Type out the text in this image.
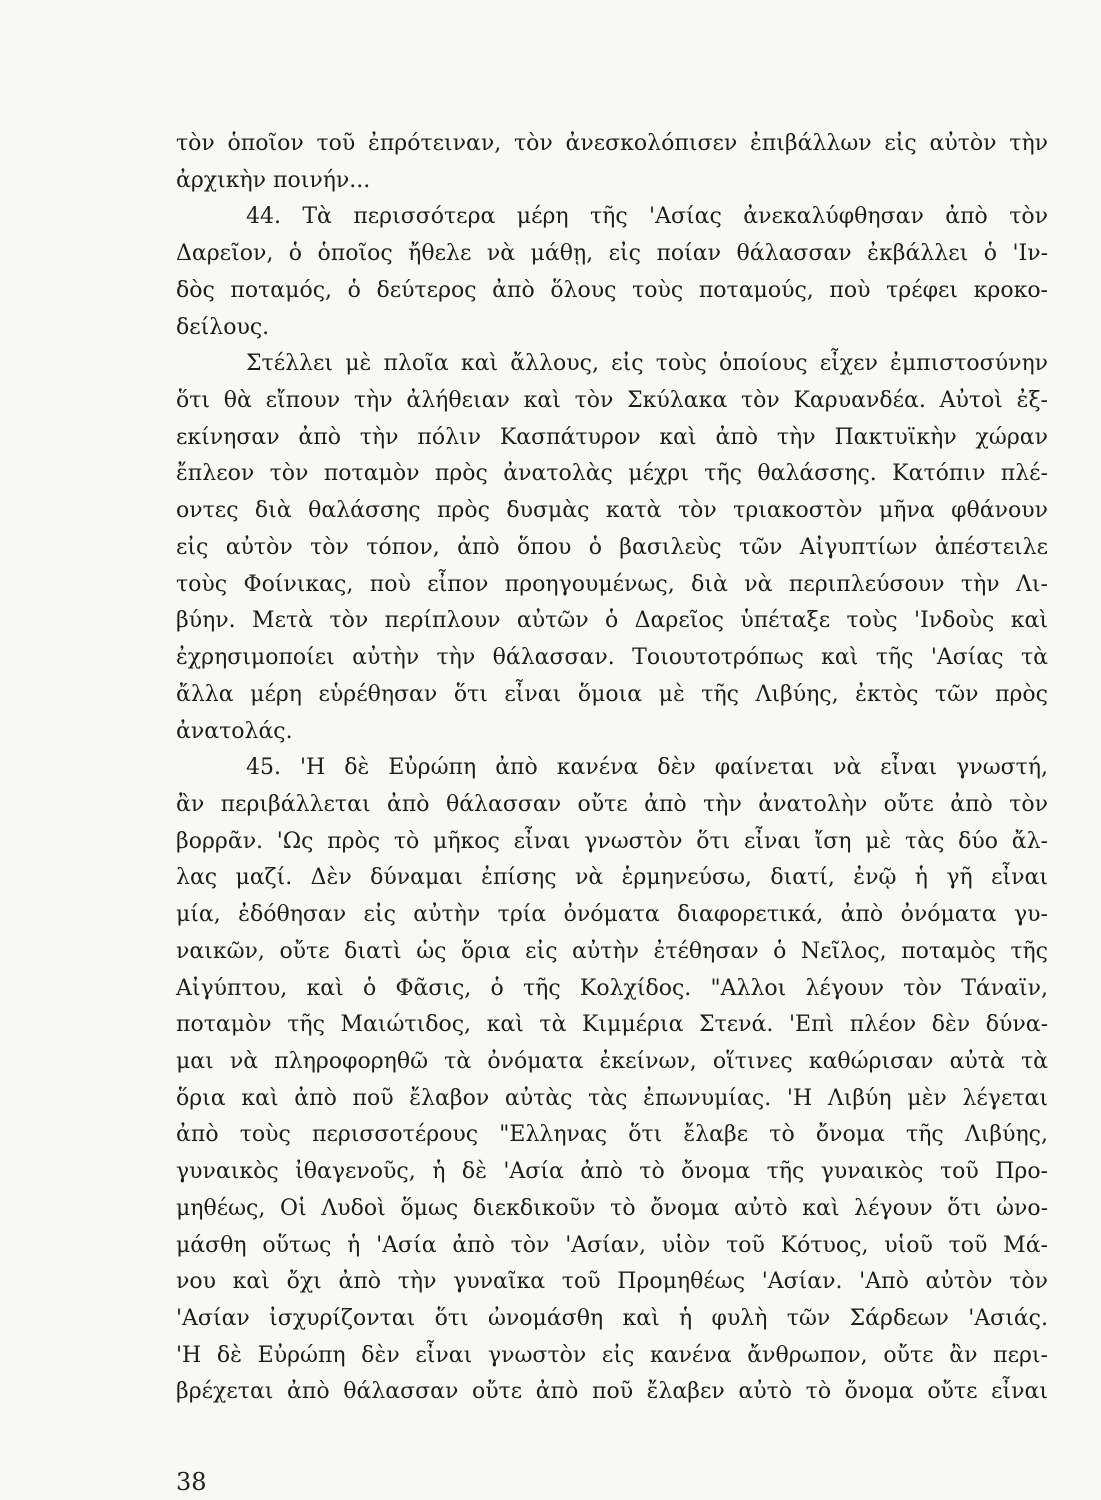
τὸν ὁποῖον τοῦ ἐπρότειναν, τὸν ἀνεσκολόπισεν ἐπιβάλλων εἰς αὐτὸν τὴν
ἀρχικὴν ποινήν...
44. Τὰ περισσότερα μέρη τῆς 'Ασίας ἀνεκαλύφθησαν ἀπὸ τὸν
Δαρεῖον, ὁ ὁποῖος ἤθελε νὰ μάθῃ, εἰς ποίαν θάλασσαν ἐκβάλλει ὁ 'Ιν-
δὸς ποταμός, ὁ δεύτερος ἀπὸ ὅλους τοὺς ποταμούς, ποὺ τρέφει κροκο-
δείλους.
Στέλλει μὲ πλοῖα καὶ ἄλλους, εἰς τοὺς ὁποίους εἶχεν ἐμπιστοσύνην
ὅτι θὰ εἴπουν τὴν ἀλήθειαν καὶ τὸν Σκύλακα τὸν Καρυανδέα. Αὐτοὶ ἐξ-
εκίνησαν ἀπὸ τὴν πόλιν Κασπάτυρον καὶ ἀπὸ τὴν Πακτυϊκὴν χώραν
ἔπλεον τὸν ποταμὸν πρὸς ἀνατολὰς μέχρι τῆς θαλάσσης. Κατόπιν πλέ-
οντες διὰ θαλάσσης πρὸς δυσμὰς κατὰ τὸν τριακοστὸν μῆνα φθάνουν
εἰς αὐτὸν τὸν τόπον, ἀπὸ ὅπου ὁ βασιλεὺς τῶν Αἰγυπτίων ἀπέστειλε
τοὺς Φοίνικας, ποὺ εἶπον προηγουμένως, διὰ νὰ περιπλεύσουν τὴν Λι-
βύην. Μετὰ τὸν περίπλουν αὐτῶν ὁ Δαρεῖος ὑπέταξε τοὺς 'Ινδοὺς καὶ
ἐχρησιμοποίει αὐτὴν τὴν θάλασσαν. Τοιουτοτρόπως καὶ τῆς 'Ασίας τὰ
ἄλλα μέρη εὑρέθησαν ὅτι εἶναι ὅμοια μὲ τῆς Λιβύης, ἐκτὸς τῶν πρὸς
ἀνατολάς.
45. 'Η δὲ Εὐρώπη ἀπὸ κανένα δὲν φαίνεται νὰ εἶναι γνωστή,
ἂν περιβάλλεται ἀπὸ θάλασσαν οὔτε ἀπὸ τὴν ἀνατολὴν οὔτε ἀπὸ τὸν
βορρᾶν. 'Ως πρὸς τὸ μῆκος εἶναι γνωστὸν ὅτι εἶναι ἴση μὲ τὰς δύο ἄλ-
λας μαζί. Δὲν δύναμαι ἐπίσης νὰ ἑρμηνεύσω, διατί, ἐνῷ ἡ γῆ εἶναι
μία, ἐδόθησαν εἰς αὐτὴν τρία ὀνόματα διαφορετικά, ἀπὸ ὀνόματα γυ-
ναικῶν, οὔτε διατὶ ὡς ὅρια εἰς αὐτὴν ἐτέθησαν ὁ Νεῖλος, ποταμὸς τῆς
Αἰγύπτου, καὶ ὁ Φᾶσις, ὁ τῆς Κολχίδος. "Αλλοι λέγουν τὸν Τάναϊν,
ποταμὸν τῆς Μαιώτιδος, καὶ τὰ Κιμμέρια Στενά. 'Επὶ πλέον δὲν δύνα-
μαι νὰ πληροφορηθῶ τὰ ὀνόματα ἐκείνων, οἵτινες καθώρισαν αὐτὰ τὰ
ὅρια καὶ ἀπὸ ποῦ ἔλαβον αὐτὰς τὰς ἐπωνυμίας. 'Η Λιβύη μὲν λέγεται
ἀπὸ τοὺς περισσοτέρους "Ελληνας ὅτι ἔλαβε τὸ ὄνομα τῆς Λιβύης,
γυναικὸς ἰθαγενοῦς, ἡ δὲ 'Ασία ἀπὸ τὸ ὄνομα τῆς γυναικὸς τοῦ Προ-
μηθέως, Οἱ Λυδοὶ ὅμως διεκδικοῦν τὸ ὄνομα αὐτὸ καὶ λέγουν ὅτι ὠνο-
μάσθη οὕτως ἡ 'Ασία ἀπὸ τὸν 'Ασίαν, υἱὸν τοῦ Κότυος, υἱοῦ τοῦ Μά-
νου καὶ ὄχι ἀπὸ τὴν γυναῖκα τοῦ Προμηθέως 'Ασίαν. 'Απὸ αὐτὸν τὸν
'Ασίαν ἰσχυρίζονται ὅτι ὠνομάσθη καὶ ἡ φυλὴ τῶν Σάρδεων 'Ασιάς.
'Η δὲ Εὐρώπη δὲν εἶναι γνωστὸν εἰς κανένα ἄνθρωπον, οὔτε ἂν περι-
βρέχεται ἀπὸ θάλασσαν οὔτε ἀπὸ ποῦ ἔλαβεν αὐτὸ τὸ ὄνομα οὔτε εἶναι
38
